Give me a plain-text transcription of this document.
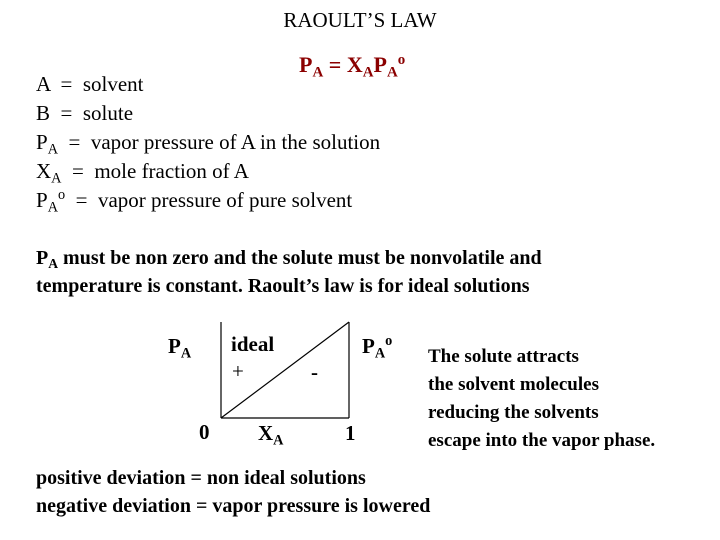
RAOULT’S LAW
$P_A = X_AP_A^o$
A  =  solvent
B  =  solute
$P_A$  =  vapor pressure of A in the solution
$X_A$  =  mole fraction of A
$P_A^o$  =  vapor pressure of pure solvent
$P_A$ must be non zero and the solute must be nonvolatile and
temperature is constant. Raoult’s law is for ideal solutions
$P_A$ ideal
+	-
$P_A^o$
0 $X_A$	1
The solute attracts
the solvent molecules
reducing the solvents
escape into the vapor phase.
positive deviation = non ideal solutions
negative deviation = vapor pressure is lowered
